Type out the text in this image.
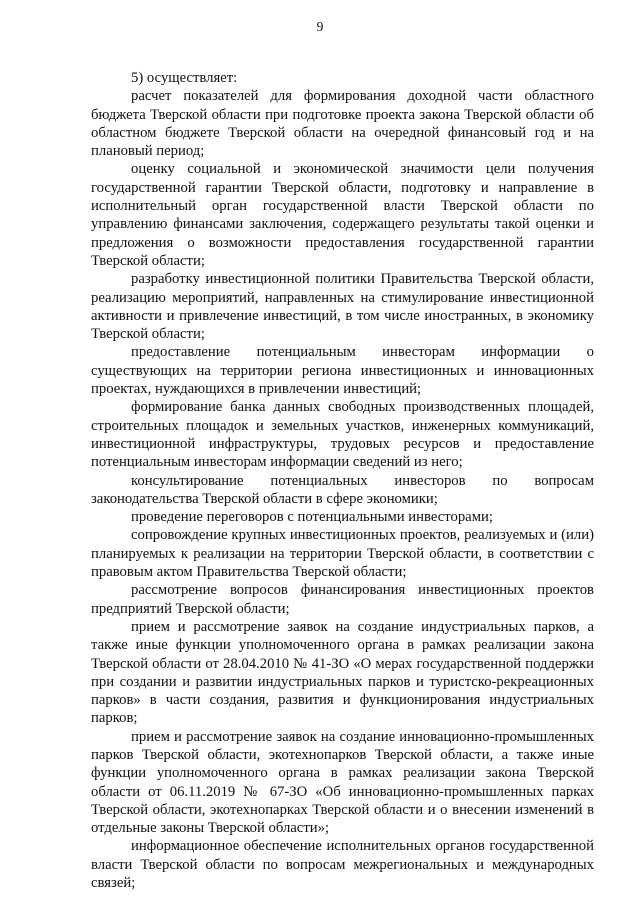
9

5) осуществляет:

расчет показателей для формирования доходной части областного бюджета Тверской области при подготовке проекта закона Тверской области об областном бюджете Тверской области на очередной финансовый год и на плановый период;

оценку социальной и экономической значимости цели получения государственной гарантии Тверской области, подготовку и направление в исполнительный орган государственной власти Тверской области по управлению финансами заключения, содержащего результаты такой оценки и предложения о возможности предоставления государственной гарантии Тверской области;

разработку инвестиционной политики Правительства Тверской области, реализацию мероприятий, направленных на стимулирование инвестиционной активности и привлечение инвестиций, в том числе иностранных, в экономику Тверской области;

предоставление потенциальным инвесторам информации о существующих на территории региона инвестиционных и инновационных проектах, нуждающихся в привлечении инвестиций;

формирование банка данных свободных производственных площадей, строительных площадок и земельных участков, инженерных коммуникаций, инвестиционной инфраструктуры, трудовых ресурсов и предоставление потенциальным инвесторам информации сведений из него;

консультирование потенциальных инвесторов по вопросам законодательства Тверской области в сфере экономики;

проведение переговоров с потенциальными инвесторами;

сопровождение крупных инвестиционных проектов, реализуемых и (или) планируемых к реализации на территории Тверской области, в соответствии с правовым актом Правительства Тверской области;

рассмотрение вопросов финансирования инвестиционных проектов предприятий Тверской области;

прием и рассмотрение заявок на создание индустриальных парков, а также иные функции уполномоченного органа в рамках реализации закона Тверской области от 28.04.2010 № 41-ЗО «О мерах государственной поддержки при создании и развитии индустриальных парков и туристско-рекреационных парков» в части создания, развития и функционирования индустриальных парков;

прием и рассмотрение заявок на создание инновационно-промышленных парков Тверской области, экотехнопарков Тверской области, а также иные функции уполномоченного органа в рамках реализации закона Тверской области от 06.11.2019 № 67-ЗО «Об инновационно-промышленных парках Тверской области, экотехнопарках Тверской области и о внесении изменений в отдельные законы Тверской области»;

информационное обеспечение исполнительных органов государственной власти Тверской области по вопросам межрегиональных и международных связей;
